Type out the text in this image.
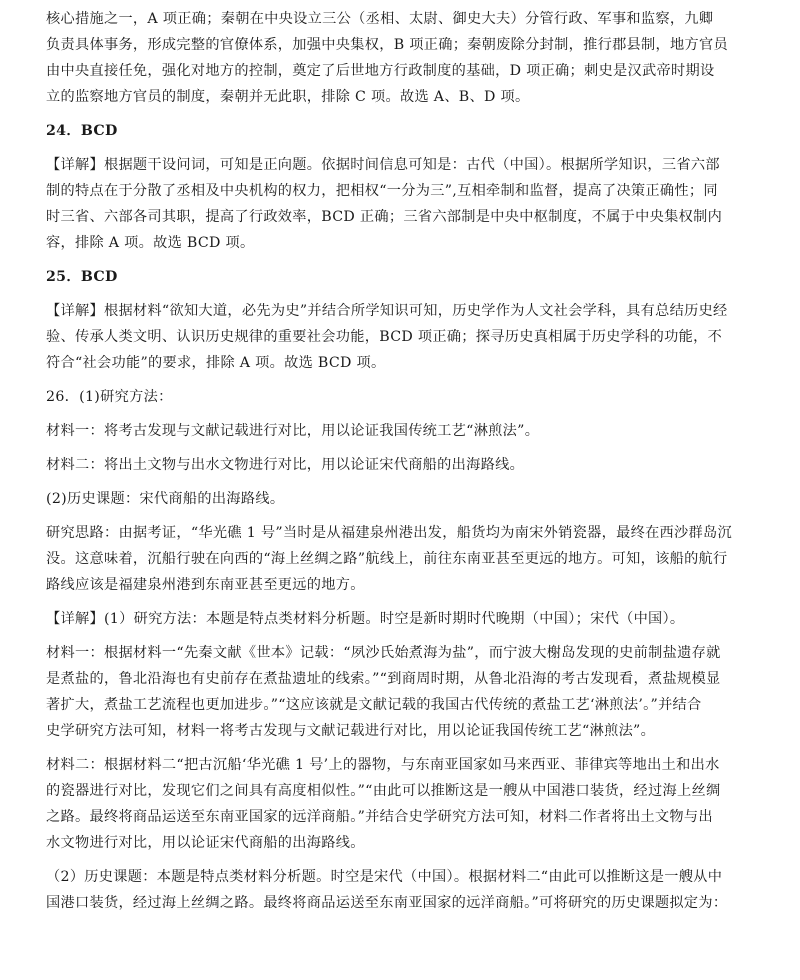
核心措施之一，A 项正确；秦朝在中央设立三公（丞相、太尉、御史大夫）分管行政、军事和监察，九卿
负责具体事务，形成完整的官僚体系，加强中央集权，B 项正确；秦朝废除分封制，推行郡县制，地方官员
由中央直接任免，强化对地方的控制，奠定了后世地方行政制度的基础，D 项正确；刺史是汉武帝时期设
立的监察地方官员的制度，秦朝并无此职，排除 C 项。故选 A、B、D 项。
24．BCD
【详解】根据题干设问词，可知是正向题。依据时间信息可知是：古代（中国）。根据所学知识，三省六部
制的特点在于分散了丞相及中央机构的权力，把相权“一分为三”,互相牵制和监督，提高了决策正确性；同
时三省、六部各司其职，提高了行政效率，BCD 正确；三省六部制是中央中枢制度，不属于中央集权制内
容，排除 A 项。故选 BCD 项。
25．BCD
【详解】根据材料“欲知大道，必先为史”并结合所学知识可知，历史学作为人文社会学科，具有总结历史经
验、传承人类文明、认识历史规律的重要社会功能，BCD 项正确；探寻历史真相属于历史学科的功能，不
符合“社会功能”的要求，排除 A 项。故选 BCD 项。
26．(1)研究方法：
材料一：将考古发现与文献记载进行对比，用以论证我国传统工艺“淋煎法”。
材料二：将出土文物与出水文物进行对比，用以论证宋代商船的出海路线。
(2)历史课题：宋代商船的出海路线。
研究思路：由据考证，“华光礁 1 号”当时是从福建泉州港出发，船货均为南宋外销瓷器，最终在西沙群岛沉
没。这意味着，沉船行驶在向西的“海上丝绸之路”航线上，前往东南亚甚至更远的地方。可知，该船的航行
路线应该是福建泉州港到东南亚甚至更远的地方。
【详解】(1）研究方法：本题是特点类材料分析题。时空是新时期时代晚期（中国）；宋代（中国）。
材料一：根据材料一“先秦文献《世本》记载：“夙沙氏始煮海为盐”，而宁波大榭岛发现的史前制盐遗存就
是煮盐的，鲁北沿海也有史前存在煮盐遗址的线索。”“到商周时期，从鲁北沿海的考古发现看，煮盐规模显
著扩大，煮盐工艺流程也更加进步。”“这应该就是文献记载的我国古代传统的煮盐工艺‘淋煎法’。”并结合
史学研究方法可知，材料一将考古发现与文献记载进行对比，用以论证我国传统工艺“淋煎法”。
材料二：根据材料二“把古沉船‘华光礁 1 号’上的器物，与东南亚国家如马来西亚、菲律宾等地出土和出水
的瓷器进行对比，发现它们之间具有高度相似性。”“由此可以推断这是一艘从中国港口装货，经过海上丝绸
之路。最终将商品运送至东南亚国家的远洋商船。”并结合史学研究方法可知，材料二作者将出土文物与出
水文物进行对比，用以论证宋代商船的出海路线。
（2）历史课题：本题是特点类材料分析题。时空是宋代（中国）。根据材料二“由此可以推断这是一艘从中
国港口装货，经过海上丝绸之路。最终将商品运送至东南亚国家的远洋商船。”可将研究的历史课题拟定为：
